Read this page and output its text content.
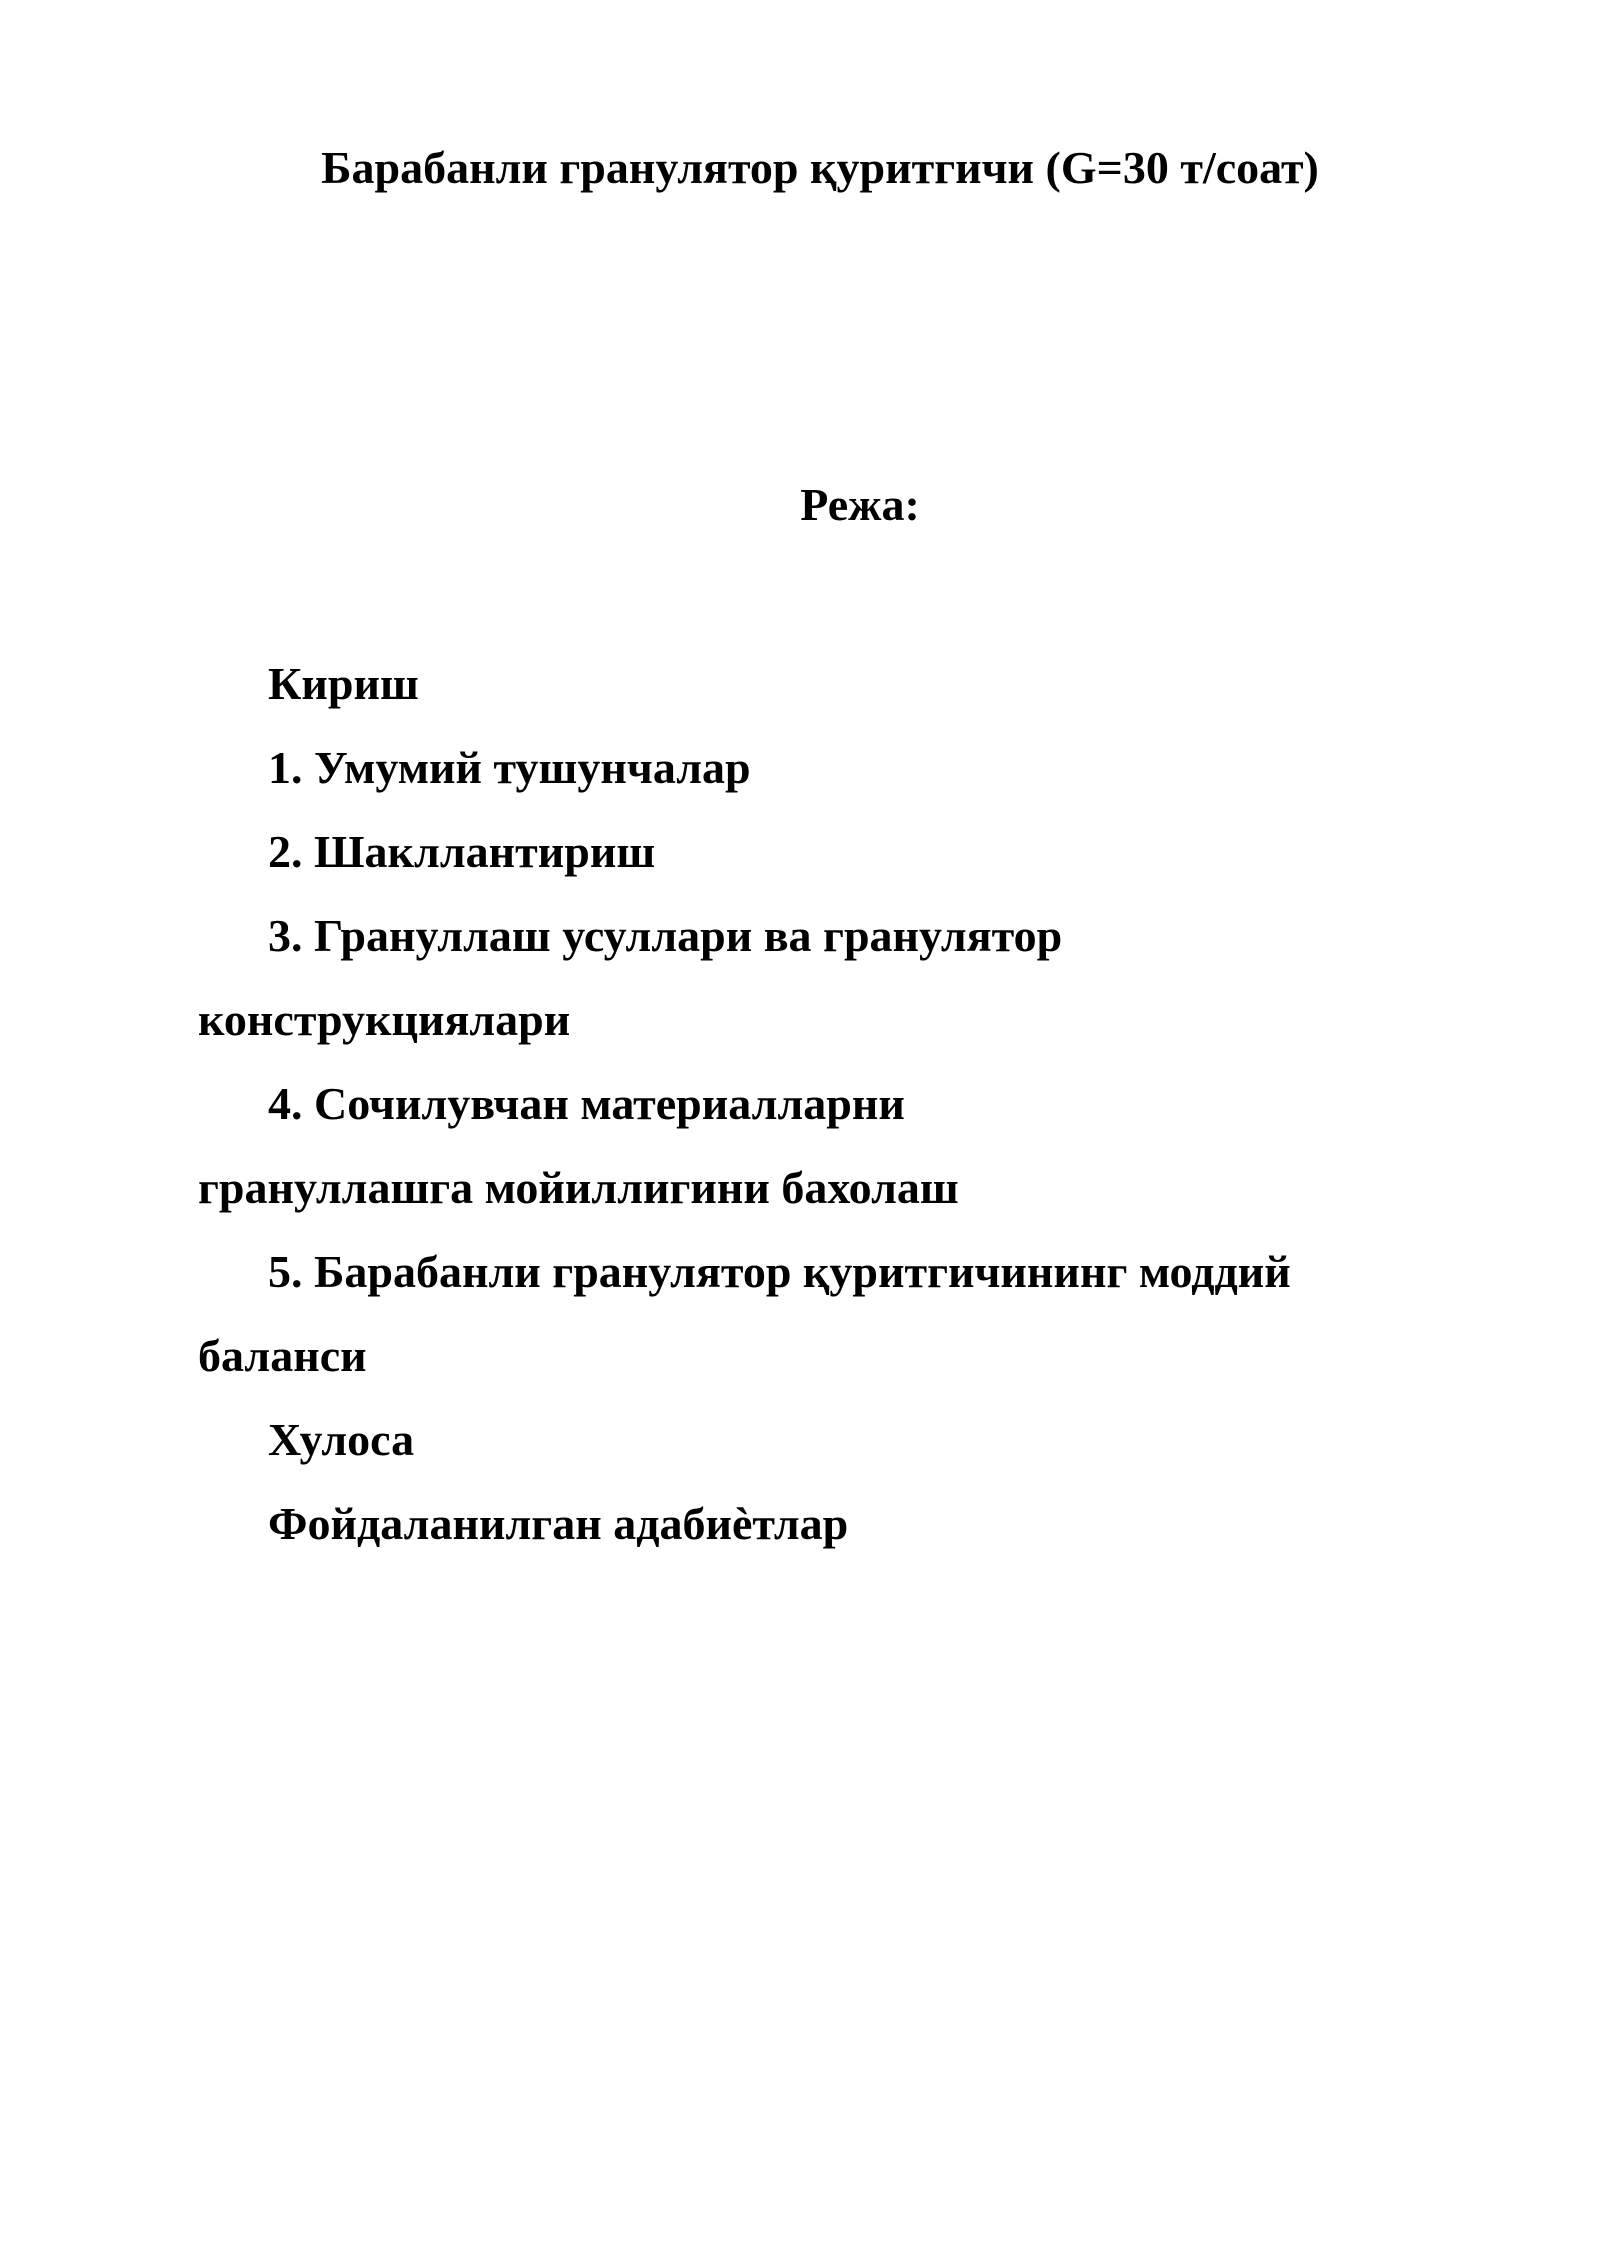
Барабанли гранулятор қуритгичи (G=30 т/соат)
Режа:
Кириш
1. Умумий тушунчалар
2. Шакллантириш
3. Грануллаш усуллари ва гранулятор конструкциялари
4. Сочилувчан материалларни грануллашга мойиллигини бахолаш
5. Барабанли гранулятор қуритгичининг моддий баланси
Хулоса
Фойдаланилган адабиѐтлар
